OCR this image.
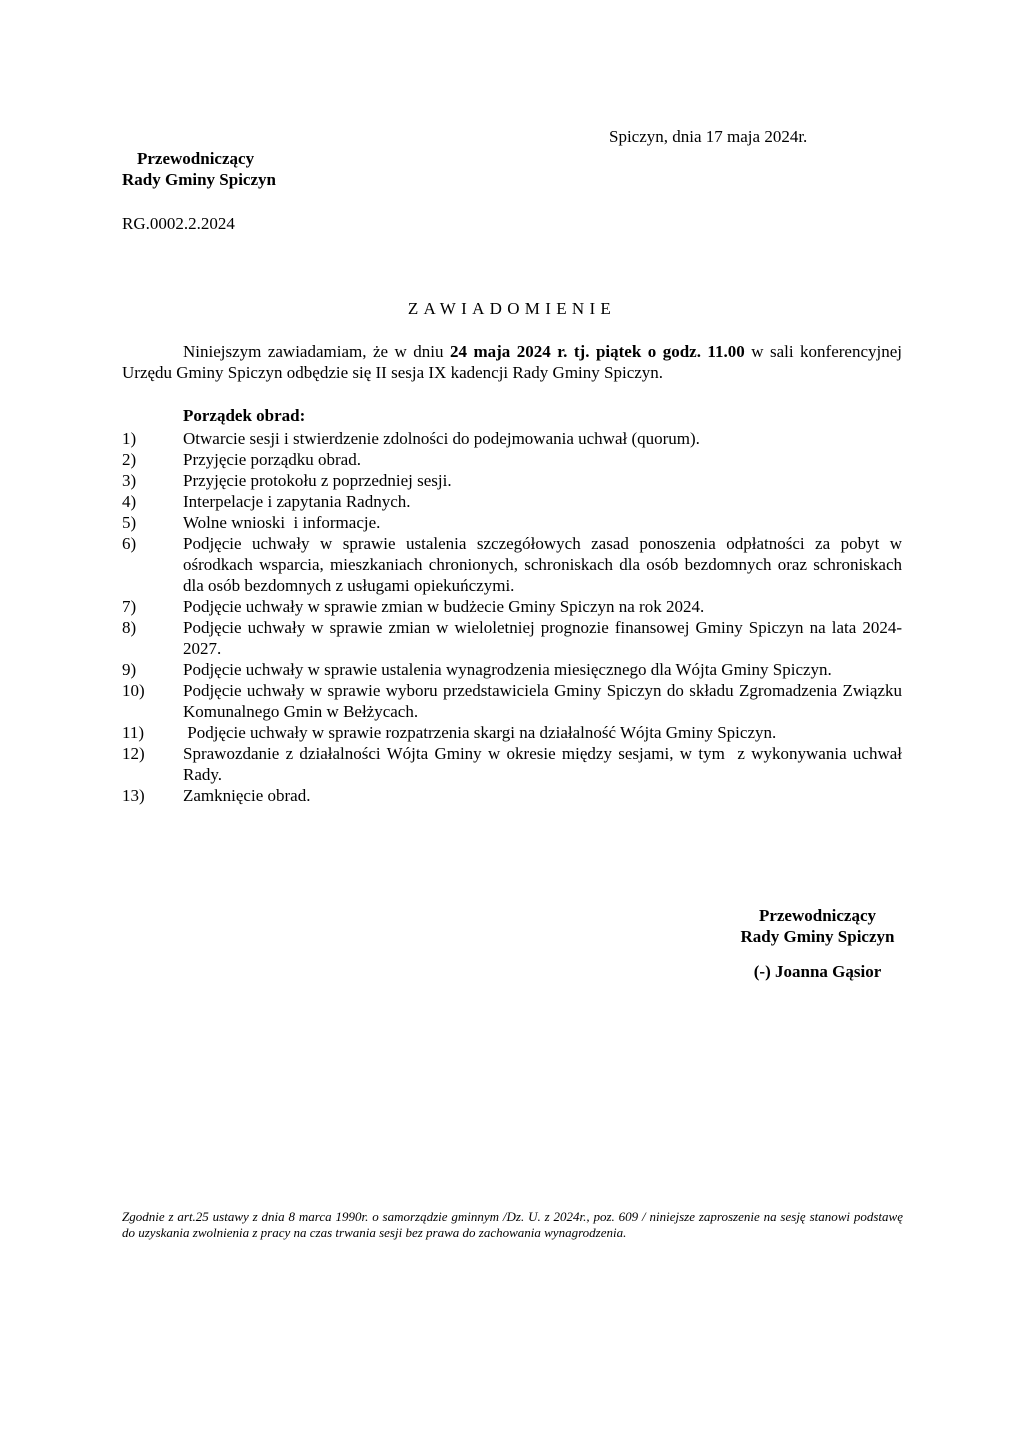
Spiczyn, dnia 17 maja 2024r.
Przewodniczący
Rady Gminy Spiczyn
RG.0002.2.2024
ZAWIADOMIENIE

Niniejszym zawiadamiam, że w dniu 24 maja 2024 r. tj. piątek o godz. 11.00 w sali konferencyjnej Urzędu Gminy Spiczyn odbędzie się II sesja IX kadencji Rady Gminy Spiczyn.

Porządek obrad:
1)	Otwarcie sesji i stwierdzenie zdolności do podejmowania uchwał (quorum).
2)	Przyjęcie porządku obrad.
3)	Przyjęcie protokołu z poprzedniej sesji.
4)	Interpelacje i zapytania Radnych.
5)	Wolne wnioski  i informacje.
6)	Podjęcie uchwały w sprawie ustalenia szczegółowych zasad ponoszenia odpłatności za pobyt w ośrodkach wsparcia, mieszkaniach chronionych, schroniskach dla osób bezdomnych oraz schroniskach dla osób bezdomnych z usługami opiekuńczymi.
7)	Podjęcie uchwały w sprawie zmian w budżecie Gminy Spiczyn na rok 2024.
8)	Podjęcie uchwały w sprawie zmian w wieloletniej prognozie finansowej Gminy Spiczyn na lata 2024-2027.
9)	Podjęcie uchwały w sprawie ustalenia wynagrodzenia miesięcznego dla Wójta Gminy Spiczyn.
10) Podjęcie uchwały w sprawie wyboru przedstawiciela Gminy Spiczyn do składu Zgromadzenia Związku Komunalnego Gmin w Bełżycach.
11) Podjęcie uchwały w sprawie rozpatrzenia skargi na działalność Wójta Gminy Spiczyn.
12) Sprawozdanie z działalności Wójta Gminy w okresie między sesjami, w tym  z wykonywania uchwał Rady.
13) Zamknięcie obrad.
Przewodniczący
Rady Gminy Spiczyn
(-) Joanna Gąsior
Zgodnie z art.25 ustawy z dnia 8 marca 1990r. o samorządzie gminnym /Dz. U. z 2024r., poz. 609 / niniejsze zaproszenie na sesję stanowi podstawę do uzyskania zwolnienia z pracy na czas trwania sesji bez prawa do zachowania wynagrodzenia.
